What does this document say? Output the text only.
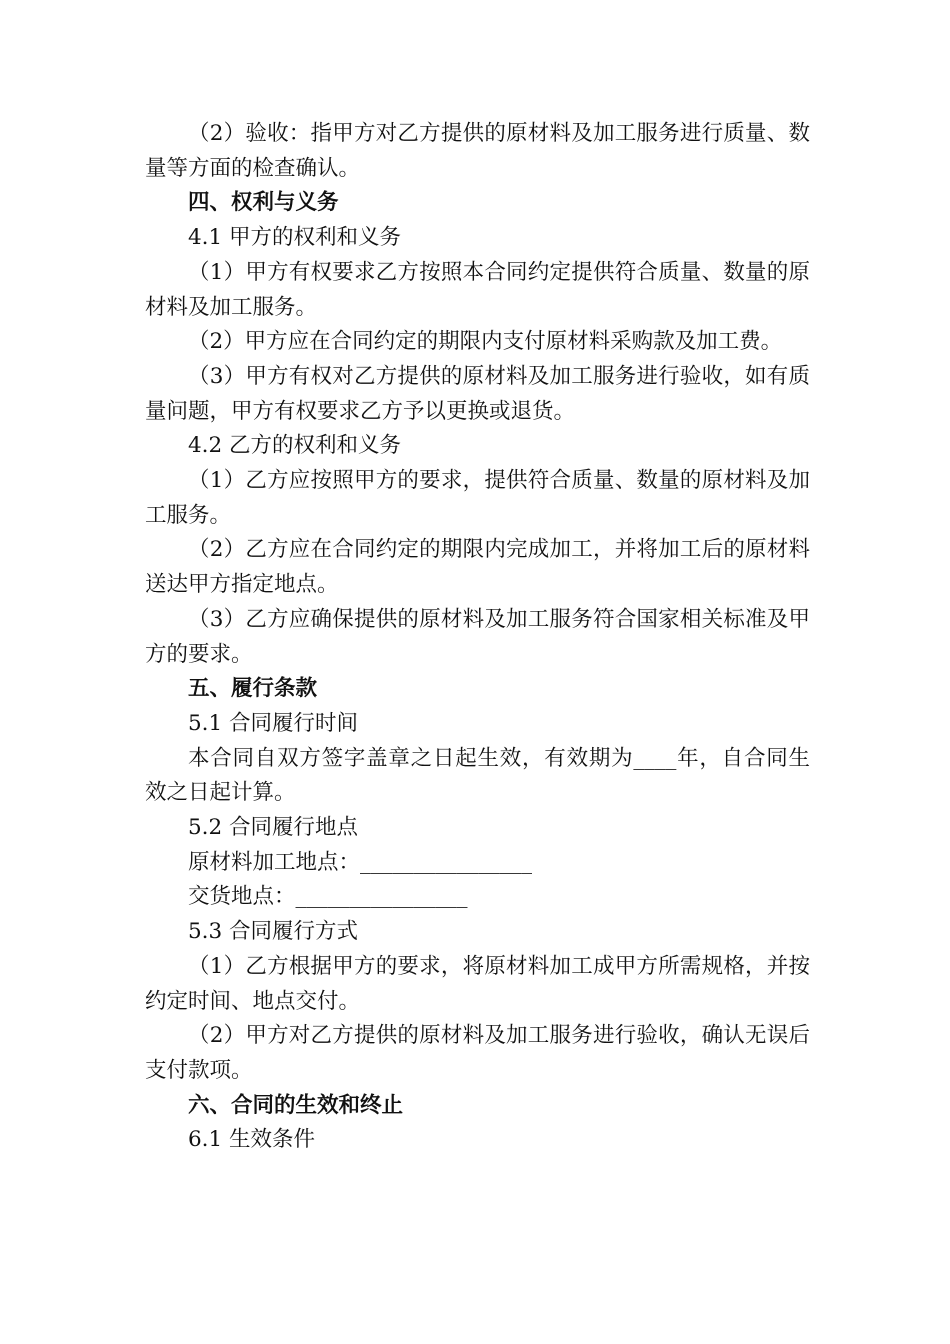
（2）验收：指甲方对乙方提供的原材料及加工服务进行质量、数量等方面的检查确认。

四、权利与义务

4.1 甲方的权利和义务

（1）甲方有权要求乙方按照本合同约定提供符合质量、数量的原材料及加工服务。

（2）甲方应在合同约定的期限内支付原材料采购款及加工费。

（3）甲方有权对乙方提供的原材料及加工服务进行验收，如有质量问题，甲方有权要求乙方予以更换或退货。

4.2 乙方的权利和义务

（1）乙方应按照甲方的要求，提供符合质量、数量的原材料及加工服务。

（2）乙方应在合同约定的期限内完成加工，并将加工后的原材料送达甲方指定地点。

（3）乙方应确保提供的原材料及加工服务符合国家相关标准及甲方的要求。

五、履行条款

5.1 合同履行时间

本合同自双方签字盖章之日起生效，有效期为____年，自合同生效之日起计算。

5.2 合同履行地点

原材料加工地点：________________

交货地点：________________

5.3 合同履行方式

（1）乙方根据甲方的要求，将原材料加工成甲方所需规格，并按约定时间、地点交付。

（2）甲方对乙方提供的原材料及加工服务进行验收，确认无误后支付款项。

六、合同的生效和终止

6.1 生效条件
